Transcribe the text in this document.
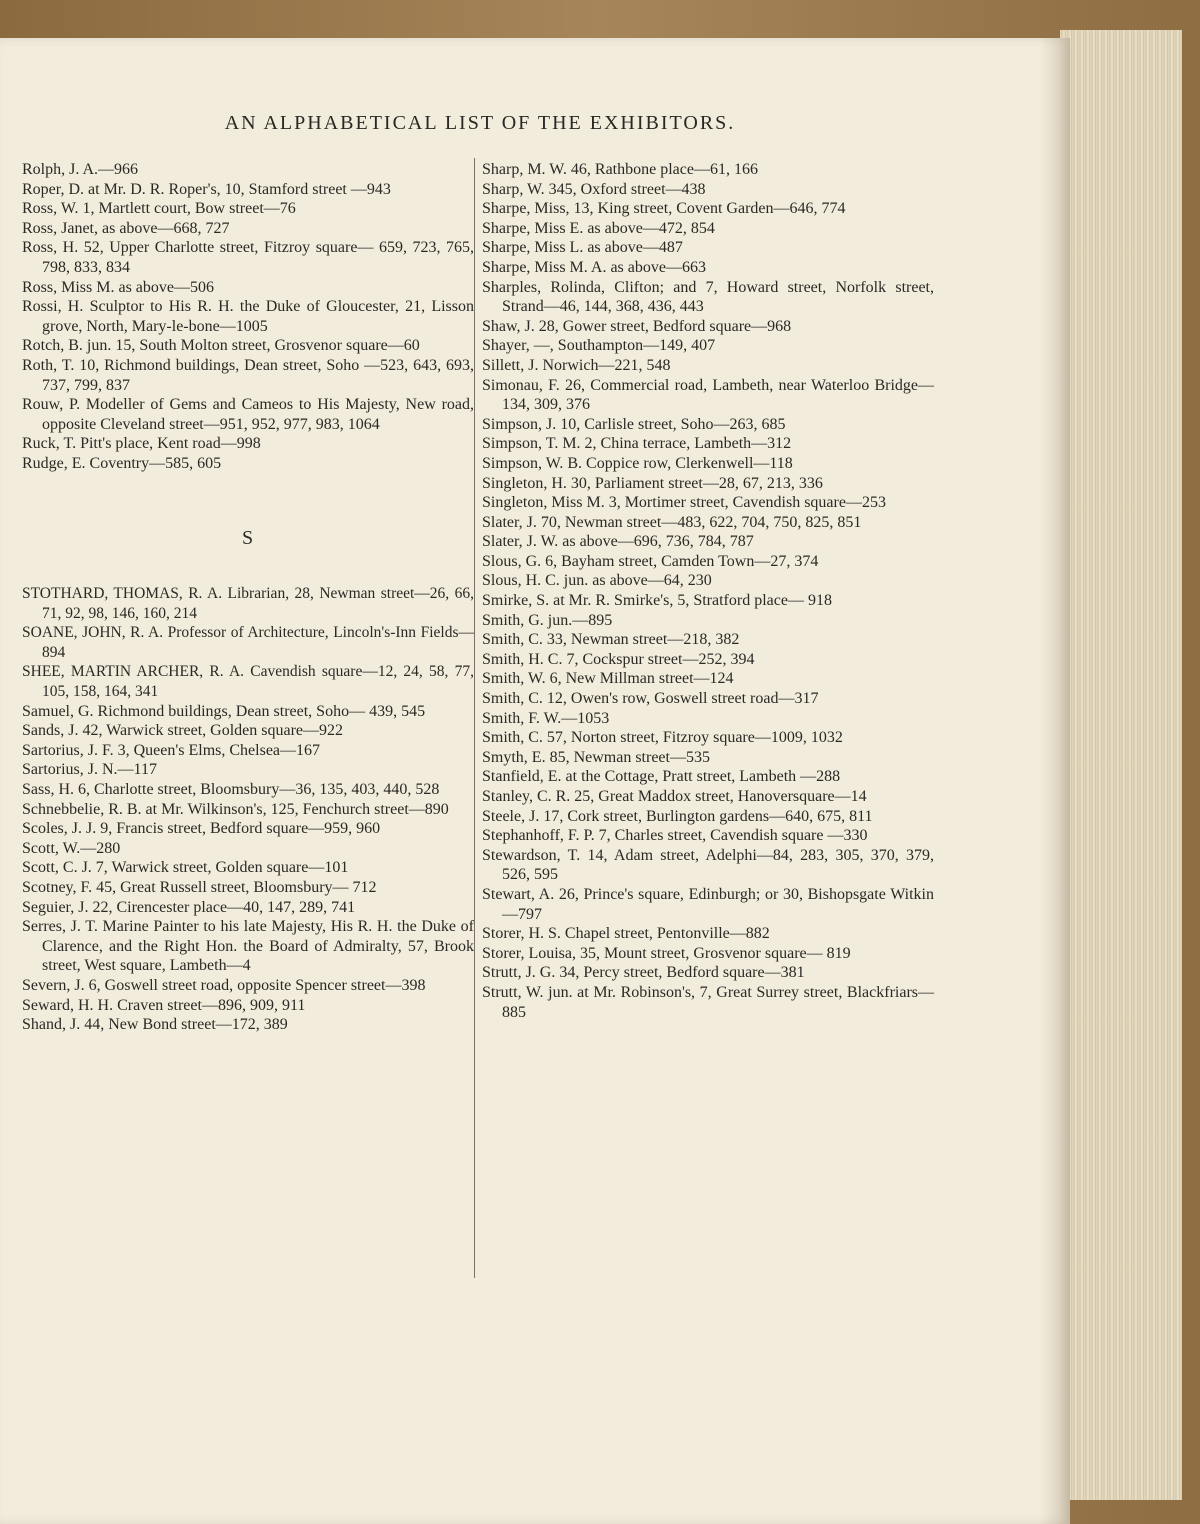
AN ALPHABETICAL LIST OF THE EXHIBITORS.

Rolph, J. A.—966

Roper, D. at Mr. D. R. Roper's, 10, Stamford street —943

Ross, W. 1, Martlett court, Bow street—76

Ross, Janet, as above—668, 727

Ross, H. 52, Upper Charlotte street, Fitzroy square— 659, 723, 765, 798, 833, 834

Ross, Miss M. as above—506

Rossi, H. Sculptor to His R. H. the Duke of Gloucester, 21, Lisson grove, North, Mary-le-bone—1005

Rotch, B. jun. 15, South Molton street, Grosvenor square—60

Roth, T. 10, Richmond buildings, Dean street, Soho —523, 643, 693, 737, 799, 837

Rouw, P. Modeller of Gems and Cameos to His Majesty, New road, opposite Cleveland street—951, 952, 977, 983, 1064

Ruck, T. Pitt's place, Kent road—998

Rudge, E. Coventry—585, 605

S

STOTHARD, THOMAS, R. A. Librarian, 28, Newman street—26, 66, 71, 92, 98, 146, 160, 214

SOANE, JOHN, R. A. Professor of Architecture, Lincoln's-Inn Fields—894

SHEE, MARTIN ARCHER, R. A. Cavendish square—12, 24, 58, 77, 105, 158, 164, 341

Samuel, G. Richmond buildings, Dean street, Soho— 439, 545

Sands, J. 42, Warwick street, Golden square—922

Sartorius, J. F. 3, Queen's Elms, Chelsea—167

Sartorius, J. N.—117

Sass, H. 6, Charlotte street, Bloomsbury—36, 135, 403, 440, 528

Schnebbelie, R. B. at Mr. Wilkinson's, 125, Fenchurch street—890

Scoles, J. J. 9, Francis street, Bedford square—959, 960

Scott, W.—280

Scott, C. J. 7, Warwick street, Golden square—101

Scotney, F. 45, Great Russell street, Bloomsbury— 712

Seguier, J. 22, Cirencester place—40, 147, 289, 741

Serres, J. T. Marine Painter to his late Majesty, His R. H. the Duke of Clarence, and the Right Hon. the Board of Admiralty, 57, Brook street, West square, Lambeth—4

Severn, J. 6, Goswell street road, opposite Spencer street—398

Seward, H. H. Craven street—896, 909, 911

Shand, J. 44, New Bond street—172, 389

Sharp, M. W. 46, Rathbone place—61, 166

Sharp, W. 345, Oxford street—438

Sharpe, Miss, 13, King street, Covent Garden—646, 774

Sharpe, Miss E. as above—472, 854

Sharpe, Miss L. as above—487

Sharpe, Miss M. A. as above—663

Sharples, Rolinda, Clifton; and 7, Howard street, Norfolk street, Strand—46, 144, 368, 436, 443

Shaw, J. 28, Gower street, Bedford square—968

Shayer, —, Southampton—149, 407

Sillett, J. Norwich—221, 548

Simonau, F. 26, Commercial road, Lambeth, near Waterloo Bridge—134, 309, 376

Simpson, J. 10, Carlisle street, Soho—263, 685

Simpson, T. M. 2, China terrace, Lambeth—312

Simpson, W. B. Coppice row, Clerkenwell—118

Singleton, H. 30, Parliament street—28, 67, 213, 336

Singleton, Miss M. 3, Mortimer street, Cavendish square—253

Slater, J. 70, Newman street—483, 622, 704, 750, 825, 851

Slater, J. W. as above—696, 736, 784, 787

Slous, G. 6, Bayham street, Camden Town—27, 374

Slous, H. C. jun. as above—64, 230

Smirke, S. at Mr. R. Smirke's, 5, Stratford place— 918

Smith, G. jun.—895

Smith, C. 33, Newman street—218, 382

Smith, H. C. 7, Cockspur street—252, 394

Smith, W. 6, New Millman street—124

Smith, C. 12, Owen's row, Goswell street road—317

Smith, F. W.—1053

Smith, C. 57, Norton street, Fitzroy square—1009, 1032

Smyth, E. 85, Newman street—535

Stanfield, E. at the Cottage, Pratt street, Lambeth —288

Stanley, C. R. 25, Great Maddox street, Hanoversquare—14

Steele, J. 17, Cork street, Burlington gardens—640, 675, 811

Stephanhoff, F. P. 7, Charles street, Cavendish square —330

Stewardson, T. 14, Adam street, Adelphi—84, 283, 305, 370, 379, 526, 595

Stewart, A. 26, Prince's square, Edinburgh; or 30, Bishopsgate Witkin—797

Storer, H. S. Chapel street, Pentonville—882

Storer, Louisa, 35, Mount street, Grosvenor square— 819

Strutt, J. G. 34, Percy street, Bedford square—381

Strutt, W. jun. at Mr. Robinson's, 7, Great Surrey street, Blackfriars—885
